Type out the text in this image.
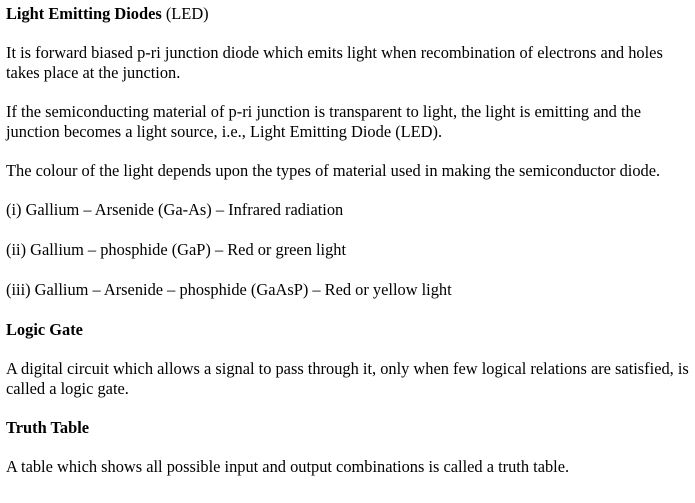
Light Emitting Diodes (LED)

It is forward biased p-ri junction diode which emits light when recombination of electrons and holes takes place at the junction.

If the semiconducting material of p-ri junction is transparent to light, the light is emitting and the junction becomes a light source, i.e., Light Emitting Diode (LED).

The colour of the light depends upon the types of material used in making the semiconductor diode.

(i) Gallium – Arsenide (Ga-As) – Infrared radiation

(ii) Gallium – phosphide (GaP) – Red or green light

(iii) Gallium – Arsenide – phosphide (GaAsP) – Red or yellow light

Logic Gate

A digital circuit which allows a signal to pass through it, only when few logical relations are satisfied, is called a logic gate.

Truth Table

A table which shows all possible input and output combinations is called a truth table.
